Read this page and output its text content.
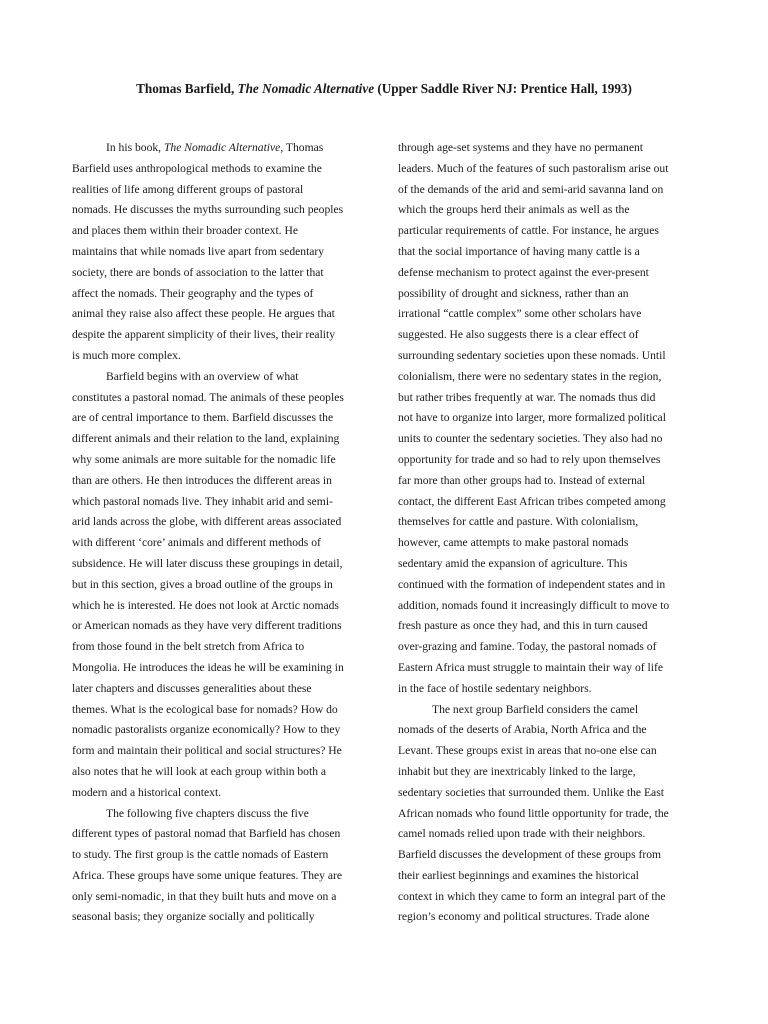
Thomas Barfield, The Nomadic Alternative (Upper Saddle River NJ: Prentice Hall, 1993)

In his book, The Nomadic Alternative, Thomas Barfield uses anthropological methods to examine the realities of life among different groups of pastoral nomads. He discusses the myths surrounding such peoples and places them within their broader context. He maintains that while nomads live apart from sedentary society, there are bonds of association to the latter that affect the nomads. Their geography and the types of animal they raise also affect these people. He argues that despite the apparent simplicity of their lives, their reality is much more complex.

Barfield begins with an overview of what constitutes a pastoral nomad. The animals of these peoples are of central importance to them. Barfield discusses the different animals and their relation to the land, explaining why some animals are more suitable for the nomadic life than are others. He then introduces the different areas in which pastoral nomads live. They inhabit arid and semi-arid lands across the globe, with different areas associated with different ‘core’ animals and different methods of subsidence. He will later discuss these groupings in detail, but in this section, gives a broad outline of the groups in which he is interested. He does not look at Arctic nomads or American nomads as they have very different traditions from those found in the belt stretch from Africa to Mongolia. He introduces the ideas he will be examining in later chapters and discusses generalities about these themes. What is the ecological base for nomads? How do nomadic pastoralists organize economically? How to they form and maintain their political and social structures? He also notes that he will look at each group within both a modern and a historical context.

The following five chapters discuss the five different types of pastoral nomad that Barfield has chosen to study. The first group is the cattle nomads of Eastern Africa. These groups have some unique features. They are only semi-nomadic, in that they built huts and move on a seasonal basis; they organize socially and politically

through age-set systems and they have no permanent leaders. Much of the features of such pastoralism arise out of the demands of the arid and semi-arid savanna land on which the groups herd their animals as well as the particular requirements of cattle. For instance, he argues that the social importance of having many cattle is a defense mechanism to protect against the ever-present possibility of drought and sickness, rather than an irrational “cattle complex” some other scholars have suggested. He also suggests there is a clear effect of surrounding sedentary societies upon these nomads. Until colonialism, there were no sedentary states in the region, but rather tribes frequently at war. The nomads thus did not have to organize into larger, more formalized political units to counter the sedentary societies. They also had no opportunity for trade and so had to rely upon themselves far more than other groups had to. Instead of external contact, the different East African tribes competed among themselves for cattle and pasture. With colonialism, however, came attempts to make pastoral nomads sedentary amid the expansion of agriculture. This continued with the formation of independent states and in addition, nomads found it increasingly difficult to move to fresh pasture as once they had, and this in turn caused over-grazing and famine. Today, the pastoral nomads of Eastern Africa must struggle to maintain their way of life in the face of hostile sedentary neighbors.

The next group Barfield considers the camel nomads of the deserts of Arabia, North Africa and the Levant. These groups exist in areas that no-one else can inhabit but they are inextricably linked to the large, sedentary societies that surrounded them. Unlike the East African nomads who found little opportunity for trade, the camel nomads relied upon trade with their neighbors. Barfield discusses the development of these groups from their earliest beginnings and examines the historical context in which they came to form an integral part of the region’s economy and political structures. Trade alone
